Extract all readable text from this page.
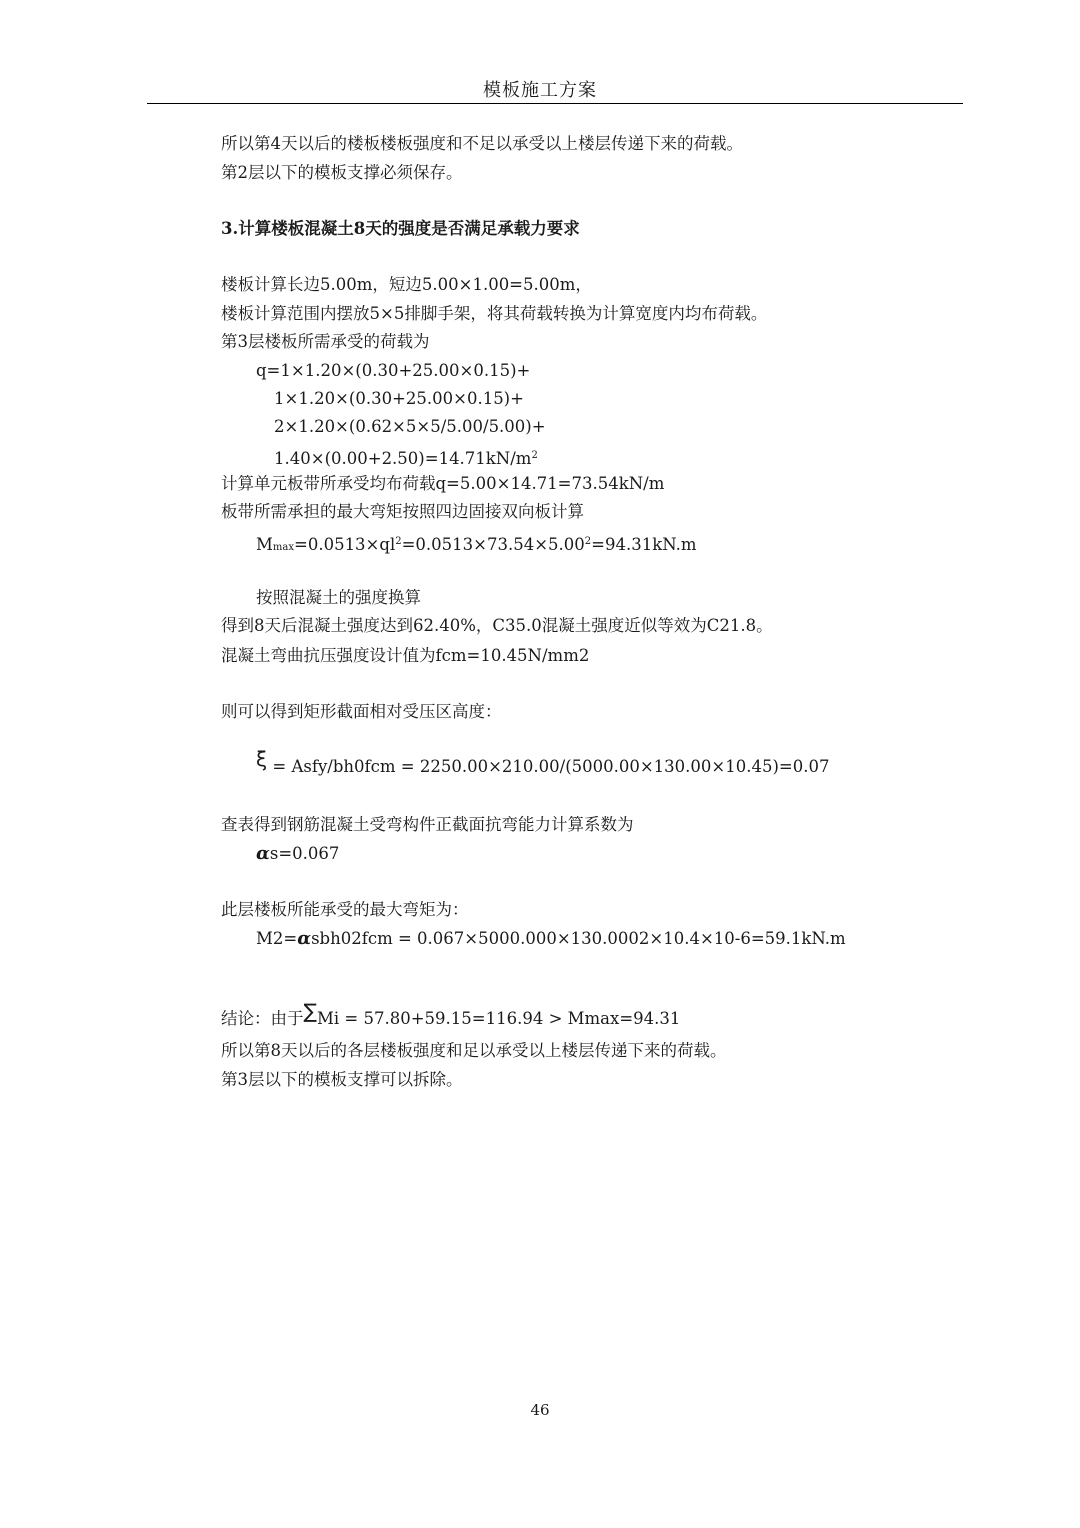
模板施工方案
所以第4天以后的楼板楼板强度和不足以承受以上楼层传递下来的荷载。
第2层以下的模板支撑必须保存。
3.计算楼板混凝土8天的强度是否满足承载力要求
楼板计算长边5.00m，短边5.00×1.00=5.00m，
楼板计算范围内摆放5×5排脚手架，将其荷载转换为计算宽度内均布荷载。
第3层楼板所需承受的荷载为
q=1×1.20×(0.30+25.00×0.15)+
1×1.20×(0.30+25.00×0.15)+
2×1.20×(0.62×5×5/5.00/5.00)+
$1.40\times(0.00+2.50)=14.71kN/m^2$
计算单元板带所承受均布荷载q=5.00×14.71=73.54kN/m
板带所需承担的最大弯矩按照四边固接双向板计算
$Mmax=0.0513\times ql^2=0.0513\times 73.54\times 5.00^2=94.31kN.m$
按照混凝土的强度换算
得到8天后混凝土强度达到62.40%，C35.0混凝土强度近似等效为C21.8。
混凝土弯曲抗压强度设计值为fcm=10.45N/mm2
则可以得到矩形截面相对受压区高度：
ξ = Asfy/bh0fcm = 2250.00×210.00/(5000.00×130.00×10.45)=0.07
查表得到钢筋混凝土受弯构件正截面抗弯能力计算系数为
αs=0.067
此层楼板所能承受的最大弯矩为：
M2=αsbh02fcm = 0.067×5000.000×130.0002×10.4×10-6=59.1kN.m
结论：由于∑Mi = 57.80+59.15=116.94 > Mmax=94.31
所以第8天以后的各层楼板强度和足以承受以上楼层传递下来的荷载。
第3层以下的模板支撑可以拆除。
46
